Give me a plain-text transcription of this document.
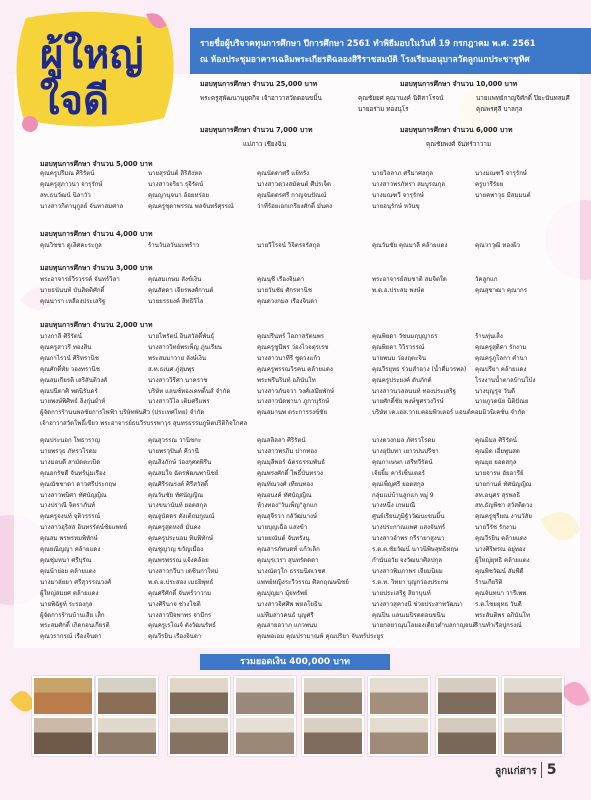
ผู้ใหญ่
ใจดี
รายชื่อผู้บริจาคทุนการศึกษา ปีการศึกษา 2561 ทำพิธีมอบในวันที่ 19 กรกฎาคม พ.ศ. 2561
ณ ห้องประชุมอาคารเฉลิมพระเกียรติฉลองสิริราชสมบัติ โรงเรียนอนุบาลวัดลูกแกประชาชูทิศ
มอบทุนการศึกษา จำนวน 25,000 บาท
พระครูสุพัฒนานุยุตกิจ เจ้าอาวาสวัดดอนขมิ้น
มอบทุนการศึกษา จำนวน 10,000 บาท
คุณชัยยศ คุณานงค์ นิติสาโรจน์
นายอร่าม ทองนุโร
นายแพทย์กาญจิศักดิ์ ปิยะนันทสมศี
คุณพรศุลี บาลกุล
มอบทุนการศึกษา จำนวน 7,000 บาท
แม่ภาว เชียงฉิ่น
มอบทุนการศึกษา จำนวน 6,000 บาท
คุณชัยพงศ์ จันทร์วาวาม
มอบทุนการศึกษา จำนวน 5,000 บาท
คุณครูปรีมณ ศิริรัตน์
คุณครูสุภาวนา จารุรักษ์
สท.ธนวัฒน์ นิลาวัว
นางสาวกิตานุกูลย์ จันทาสมศาล
นายสุรนันต์ สิริสังหล
นางสาวจริยา รุจิรัตน์
คุณญานุจนา อ้อยหร่อย
คุณครูชุดาพรรณ พลจันทร์ศุรรณ์
คุณนัดดาศรี แย้ทรัง
นางสาวดวงสมัคนต์ ศีปรเจ็ด
คุณนิตดรศรี กาญจนปัณณ์
ว่าที่ร้อยเอกเกรียงศักดิ์ มั่นคง
นายวิลลาภ ศรีมาศลกุล
นางสาวพรภัทรา สมบูรณกุล
นางมณฑวี จารุรักษ์
นายอนุรักษ์ หวันขุ
นางมณฑวี จารุรักษ์
ครูบารีรัยย
นายคพาวุธ มีสมมนต์
มอบทุนการศึกษา จำนวน 4,000 บาท
คุณวิชชา ดูเลิศคะระกูล	ร้านวันลวันมะพร้าว	นายวีโรจน์ วิจิตรจรัสกุล	คุณวันชัย คุณมาลี คล้ายแดง	คุณวาวุฒิ ทองผิว
มอบทุนการศึกษา จำนวน 3,000 บาท
พระอาจารย์วีรวรรค์ จันทร์วิลา
นายธนันนท์ บันสิตติศักดิ์
คุณนารา เหลืองประเสริฐ
คุณสมเกษม สังข์เงิน
คุณสัตดา เจียรพงศ์กานต์
นายยรรยงค์ สิทธิวิไล
คุณนุชี เรืองจินดา
นายวันชัย ศักรหานิช
คุณดวงกมล เรืองจินดา
พระอาจารย์สมชาติ สมจิตใด
พ.ต.อ.ประสม พงษ์ต
วัคลูกแก
คุณสุชาฒา คุณากร
มอบทุนการศึกษา จำนวน 2,000 บาท
นางกาลี ศิริรัตน์
คุณครูสาวรี ทองสิน
คุณกาไรวน์ ศิริทรานิช
คุณศักดิ์ทัย วองทรานิช
คุณสมเกียรติ เสริสันติวงศ์
คุณปนิตาศิ พดนิรันดร์
นายพงษ์พิศิทธ์ ลิงกุ่นผ่ำห์
ผู้จัดการร้านนพลชัยการไฟฟ้า บริษัทพันศิว (ประเทศไทย) จำกัด
เจ้าอาวาสวัดโพธิ์เขียว พระอาจารย์ธนวีรบรรพาวุร สุนทรธรรมภูษิตปริติกิจโกศล
นายไพรัตน์ อินสวัสดิ์พันธุ์
นางสาววิทย์พรเพ็ญ ภู่นเรียน
พระสมมาวาย ลังษ์เงิน
ส.ท.ธเนศ ภู่สุมพุร
นางสาววิรีศา นาคราช
บริษัท แลนซ์ทองเคทติ้นส์ จำกัด
นางสาววิไล เติมศรีแพร
คุณปรีนทร์ โอภาสรัตนพร
คุณครูชูนีพร ว่องไวจตุรเรช
นางสาวนาทีรี ชูดวงแก้ว
คุณครูพรรณวิรคน คล้ายแดง
พระพรีนรินท์ อภินันโท
นางสาวภันจวา วงศ์เสมียพักษ์
นางสาวนัดพานา ภูกาบุรักษ์
คุณสมานพ ตระการรงข์ชัย
คุณพิยดา วัชนมฤบุญาธร
คุณพิยดา วิวิรวรรณ์
นายพนม ว่องฤตะจิน
คุณวีรยุทธ ร่วมสำอาง (น้ำดื่มวรพล)
คุณครูประยงค์ ดับภักด์
นางสาวนวลลนนท์ ทองประเสริฐ
นายศักดิ์ชัย พงษ์ชูศรวงวิรษ์
บริษัท เค.เอส.วาย.คอมพิวเตอร์ แอนด์คอมมิวนิเคชั่น จำกัด
ร้านทุ่นเส็ง
คุณครูสุดิดา รักงาม
คุณครูภูโลกา คำนา
คุณปรียา คล้ายแดง
โรงงานน้ำตาลบ้านโป่ง
นางบุญรูจ วันดี
นายภูวดนัย นิติปัณย
คุณประนอก โพธาราญ
นายพรวุธ ภัทรวโรดม
นางมอบดี สามัดตะเบิด
คุณอกรัชดี จันทร์นุ่มเรือง
คุณณัชชาดา ดาวศรีประกฤษ
นางสาวพนิศา ทัศนัญญิณ
นางปราณี จิตราภันท์
คุณครูจงนท์ จุติวรรรณ์
นางสาวอุริสส อินทรรัตน์ชัยแพทย์
คุณสม พรพรหมพิทักษ์
คุณยณิญญา คล้ายแดง
คุณชุ่มหนา ศรีบุรัณ
คุณน้าย่อย คล้ายแดง
นางมาลัยยา ศรีสุวรรณวงศ์
ผู้ใหญ่สมยศ คล้ายแดง
นายพิฉัฐท์ ระรองกุล
ผู้จัดการร้านบ้านเสีย เส็ก
พระสมศักดิ์ เกิดกอนเกียรติ
คุณวรากรณ์ เรืองจินดา
คุณสุวรรณ วานิชกะ
นายพรวุปันต์ คีวานี
คุณสิงภักษ์ ว่องกุศตพิรีน
คุณสมใจ ฉัตรพัฒนพานิชย์
คุณศิรีรณรงค์ ศิรีสวัสดิ์
คุณวันชัย ทัศนัญญิณ
นางขนานันท์ ยอดสกุล
คุณจูนัดดร ตังเต้ถมกูณณ์
คุณครูสุดหงส์ มั่นคง
คุณครูประนอม ทิมพิทักษ์
คุณชูญาญ ขวัญเมื่อง
คุณพรพรรณ แจ้งคล้อย
นางสาวกวีนา เดชินกาใหม่
พ.ต.อ.ประสอง เมธยิพุทธ์
คุณศรีศักดิ์ จันทร์วาวาม
นางศิรินาจ ช่วงโชติ
นางสาวปีจพาพร จามีกร
คุณครูเรโณจ์ ดังวัฒนรัทธ์
คุณวีรยิน เรืองจินดา
คุณสลิลลา ศิริรัตน์
นางสาวพรภิม ปากทอง
คุณมุลีพอร์ ฉัตรธรรมพันธ์
คุณพรงศักดิ์ ไพธิ์บันทรวง
คุณทัณวงศ์ เทียนทอง
คุณอนงค์ ทัศนัญญิณ
ห้างทอง"วันเพ็ญ"ลูกแก
คุณสุจีรวา กลัวัฒนางษ์
นายบุญเฉื่อ แสงข้า
นายยณันต์ จันทรังนุ
คุณสารภัทนดท์ แก้วเลิก
คุณบุรเวรา สุนทรัดดดา
นางณัตวุโก ธรรมนิดเวชศ
แพทย์หญิงระวีวรรณ ศิลกฤณษนิชย์
คุณปุญมา มุ้ยทรัพย์
นางสาวจิศศิพ พหลโยธิน
แม่ทีมสาวคนธ์ บุญศรี
คุณสายอวาภ แกวพนม
คุณพอเอม คุณปรามาณพ์ คุณปริยา จันทร์ประยูร
นางดวงกมล ภัศรวโรดม
นางอุปัมทา เยาวปนปรีชา
คุณกาเษษก เสรีทวีรัตน์
เจ้ยยิ้ม คาร์เซ็นเตอร์
คุณเพ็ญศรี ยอดสกุล
กลุ่มแม่บ้านลูกแก หมู่ 9
นางหนึ่ง เกษมณี
ศูนย์เรียนภูมิฐัววัฒนะขนมิ้น
นางประกาณแพศ แสงจันทร์
นางสาวอำพร กรีรายาสูงนา
ร.ต.ต.ชัยวัฒน์ นาวนิพิษสุทธิหฤษ
กำนันอวัย จงวัฒนาศิลปกุล
นางสาวพิมภาพร เจียมนิยม
ร.ต.ท. วิทยา บุญกว่องประกษ
นายประเสริฐ สิยาบุนท์
นางสาวสุคางนี ช่วยประสาทวัฒนา
คุณปิ่น แลนเมปิรดดอนขนิน
นายกลยาณุนโลยองเดียวตำบลกาญจนดิ
คุณมิมล ศิริรัตน์
คุณมิด เอี่ยพูนสด
คุณมุย ยอดสกุล
นายจารษ อัยอารีย์
นายกานต์ ทัศนัญญิณ
สท.อนุศร สุรพลธิ
สท.ธัญพิชา สวัสดิดวง
คุณครูชุรียณ งานวัสัย
นายวีรัช รักงาม
คุณวีรยิน คล้ายแดง
นางศิริพรณ อยู่ทอง
ผู้ใหญ่ยุทธิ คล้ายแดง
คุณพิชวัฒน์ สัมพีดี
ร้านเกียริติ
คุณจันทนา วารีเพพ
ร.ต.ไชยยุทธ วันดี
พระสันติพร อภินันโท
ร้านทำเรือปูกรงณ์
รวมยอดเงิน 400,000 บาท
ลูกแก่สาร 5
